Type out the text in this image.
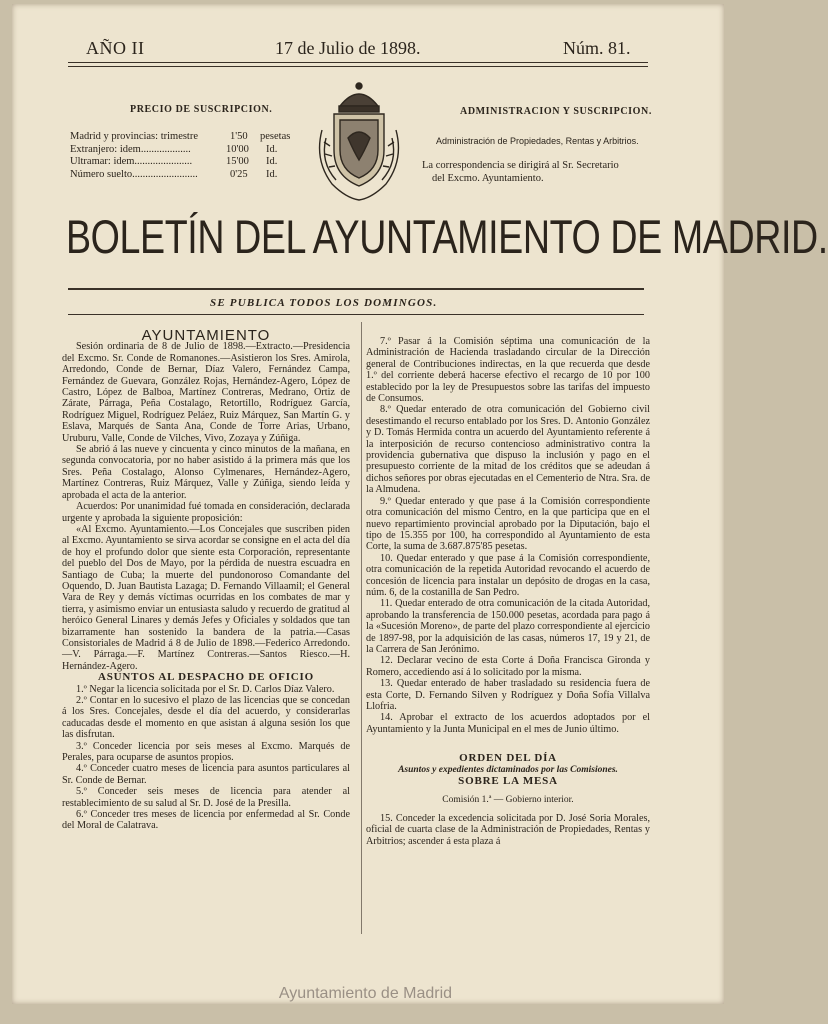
AÑO II	17 de Julio de 1898.	Núm. 81.
PRECIO DE SUSCRIPCION.
Madrid y provincias: trimestre	1'50 pesetas
Extranjero: idem...................	10'00 Id.
Ultramar: idem......................	15'00 Id.
Número suelto.........................	0'25 Id.
ADMINISTRACION Y SUSCRIPCION.
Administración de Propiedades, Rentas y Arbitrios.
La correspondencia se dirigirá al Sr. Secretario
del Excmo. Ayuntamiento.
BOLETÍN DEL AYUNTAMIENTO DE MADRID.
SE PUBLICA TODOS LOS DOMINGOS.

AYUNTAMIENTO

Sesión ordinaria de 8 de Julio de 1898.—Extracto.—Presidencia del Excmo. Sr. Conde de Romanones.—Asistieron los Sres. Amirola, Arredondo, Conde de Bernar, Díaz Valero, Fernández Campa, Fernández de Guevara, González Rojas, Hernández-Agero, López de Castro, López de Balboa, Martínez Contreras, Medrano, Ortiz de Zárate, Párraga, Peña Costalago, Retortillo, Rodríguez García, Rodríguez Miguel, Rodríguez Peláez, Ruiz Márquez, San Martín G. y Eslava, Marqués de Santa Ana, Conde de Torre Arias, Urbano, Uruburu, Valle, Conde de Vilches, Vivo, Zozaya y Zúñiga.

Se abrió á las nueve y cincuenta y cinco minutos de la mañana, en segunda convocatoria, por no haber asistido á la primera más que los Sres. Peña Costalago, Alonso Cylmenares, Hernández-Agero, Martínez Contreras, Ruiz Márquez, Valle y Zúñiga, siendo leída y aprobada el acta de la anterior.

Acuerdos: Por unanimidad fué tomada en consideración, declarada urgente y aprobada la siguiente proposición:

«Al Excmo. Ayuntamiento.—Los Concejales que suscriben piden al Excmo. Ayuntamiento se sirva acordar se consigne en el acta del día de hoy el profundo dolor que siente esta Corporación, representante del pueblo del Dos de Mayo, por la pérdida de nuestra escuadra en Santiago de Cuba; la muerte del pundonoroso Comandante del Oquendo, D. Juan Bautista Lazaga; D. Fernando Villaamil; el General Vara de Rey y demás víctimas ocurridas en los combates de mar y tierra, y asimismo enviar un entusiasta saludo y recuerdo de gratitud al heróico General Linares y demás Jefes y Oficiales y soldados que tan bizarramente han sostenido la bandera de la patria.—Casas Consistoriales de Madrid á 8 de Julio de 1898.—Federico Arredondo.—V. Párraga.—F. Martínez Contreras.—Santos Riesco.—H. Hernández-Agero.

ASUNTOS AL DESPACHO DE OFICIO

1.º Negar la licencia solicitada por el Sr. D. Carlos Díaz Valero.

2.º Contar en lo sucesivo el plazo de las licencias que se concedan á los Sres. Concejales, desde el día del acuerdo, y considerarlas caducadas desde el momento en que asistan á alguna sesión los que las disfrutan.

3.º Conceder licencia por seis meses al Excmo. Marqués de Perales, para ocuparse de asuntos propios.

4.º Conceder cuatro meses de licencia para asuntos particulares al Sr. Conde de Bernar.

5.º Conceder seis meses de licencia para atender al restablecimiento de su salud al Sr. D. José de la Presilla.

6.º Conceder tres meses de licencia por enfermedad al Sr. Conde del Moral de Calatrava.

7.º Pasar á la Comisión séptima una comunicación de la Administración de Hacienda trasladando circular de la Dirección general de Contribuciones indirectas, en la que recuerda que desde 1.º del corriente deberá hacerse efectivo el recargo de 10 por 100 establecido por la ley de Presupuestos sobre las tarifas del impuesto de Consumos.

8.º Quedar enterado de otra comunicación del Gobierno civil desestimando el recurso entablado por los Sres. D. Antonio González y D. Tomás Hermida contra un acuerdo del Ayuntamiento referente á la interposición de recurso contencioso administrativo contra la providencia gubernativa que dispuso la inclusión y pago en el presupuesto corriente de la mitad de los créditos que se adeudan á dichos señores por obras ejecutadas en el Cementerio de Ntra. Sra. de la Almudena.

9.º Quedar enterado y que pase á la Comisión correspondiente otra comunicación del mismo Centro, en la que participa que en el nuevo repartimiento provincial aprobado por la Diputación, bajo el tipo de 15.355 por 100, ha correspondido al Ayuntamiento de esta Corte, la suma de 3.687.875'85 pesetas.

10. Quedar enterado y que pase á la Comisión correspondiente, otra comunicación de la repetida Autoridad revocando el acuerdo de concesión de licencia para instalar un depósito de drogas en la casa, núm. 6, de la costanilla de San Pedro.

11. Quedar enterado de otra comunicación de la citada Autoridad, aprobando la transferencia de 150.000 pesetas, acordada para pago á la «Sucesión Moreno», de parte del plazo correspondiente al ejercicio de 1897-98, por la adquisición de las casas, números 17, 19 y 21, de la Carrera de San Jerónimo.

12. Declarar vecino de esta Corte á Doña Francisca Gironda y Romero, accediendo así á lo solicitado por la misma.

13. Quedar enterado de haber trasladado su residencia fuera de esta Corte, D. Fernando Silven y Rodríguez y Doña Sofía Villalva Llofria.

14. Aprobar el extracto de los acuerdos adoptados por el Ayuntamiento y la Junta Municipal en el mes de Junio último.

ORDEN DEL DÍA

Asuntos y expedientes dictaminados por las Comisiones.

SOBRE LA MESA

Comisión 1.ª — Gobierno interior.

15. Conceder la excedencia solicitada por D. José Soria Morales, oficial de cuarta clase de la Administración de Propiedades, Rentas y Arbitrios; ascender á esta plaza á

Ayuntamiento de Madrid
